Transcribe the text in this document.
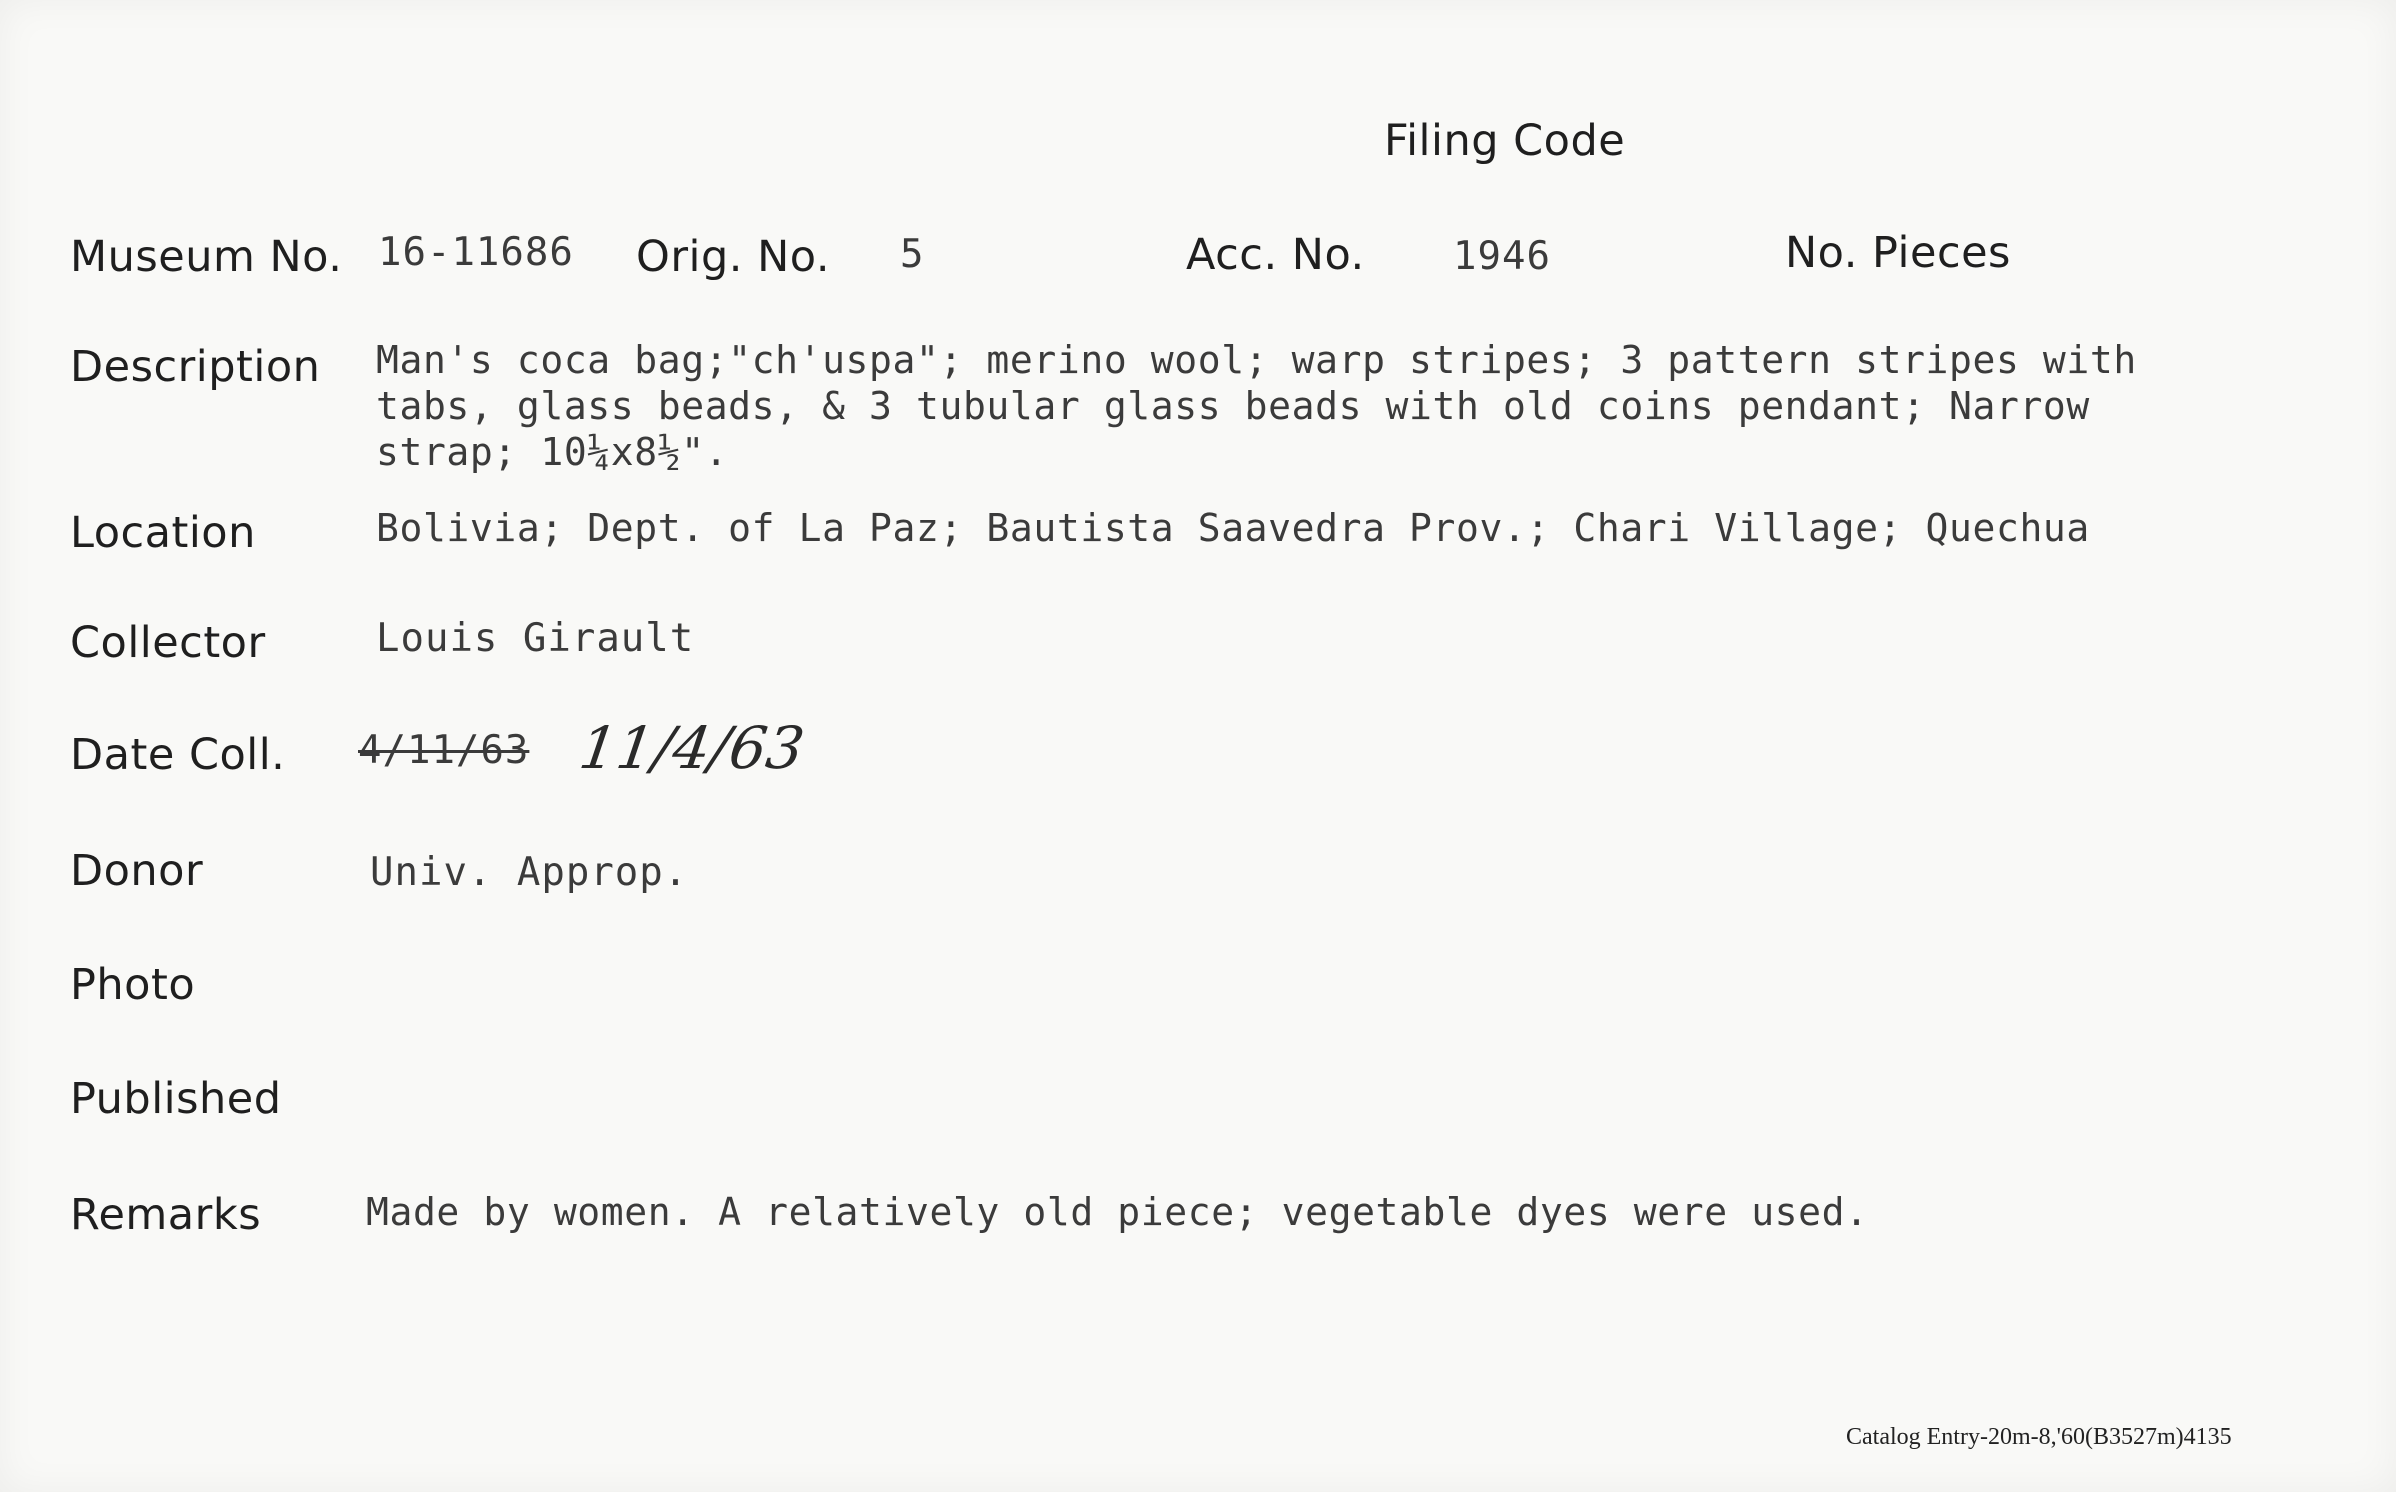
Filing Code
Museum No. 16-11686 Orig. No. 5	Acc. No. 1946	No. Pieces
Description Man's coca bag;"ch'uspa"; merino wool; warp stripes; 3 pattern stripes with
tabs, glass beads, & 3 tubular glass beads with old coins pendant; Narrow
strap; 10¼x8½".
Location	Bolivia; Dept. of La Paz; Bautista Saavedra Prov.; Chari Village; Quechua
Collector	Louis Girault
Date Coll. 4/11/63 11/4/63
Donor	Univ. Approp.
Photo
Published
Remarks	Made by women. A relatively old piece; vegetable dyes were used.
Catalog Entry-20m-8,'60(B3527m)4135
